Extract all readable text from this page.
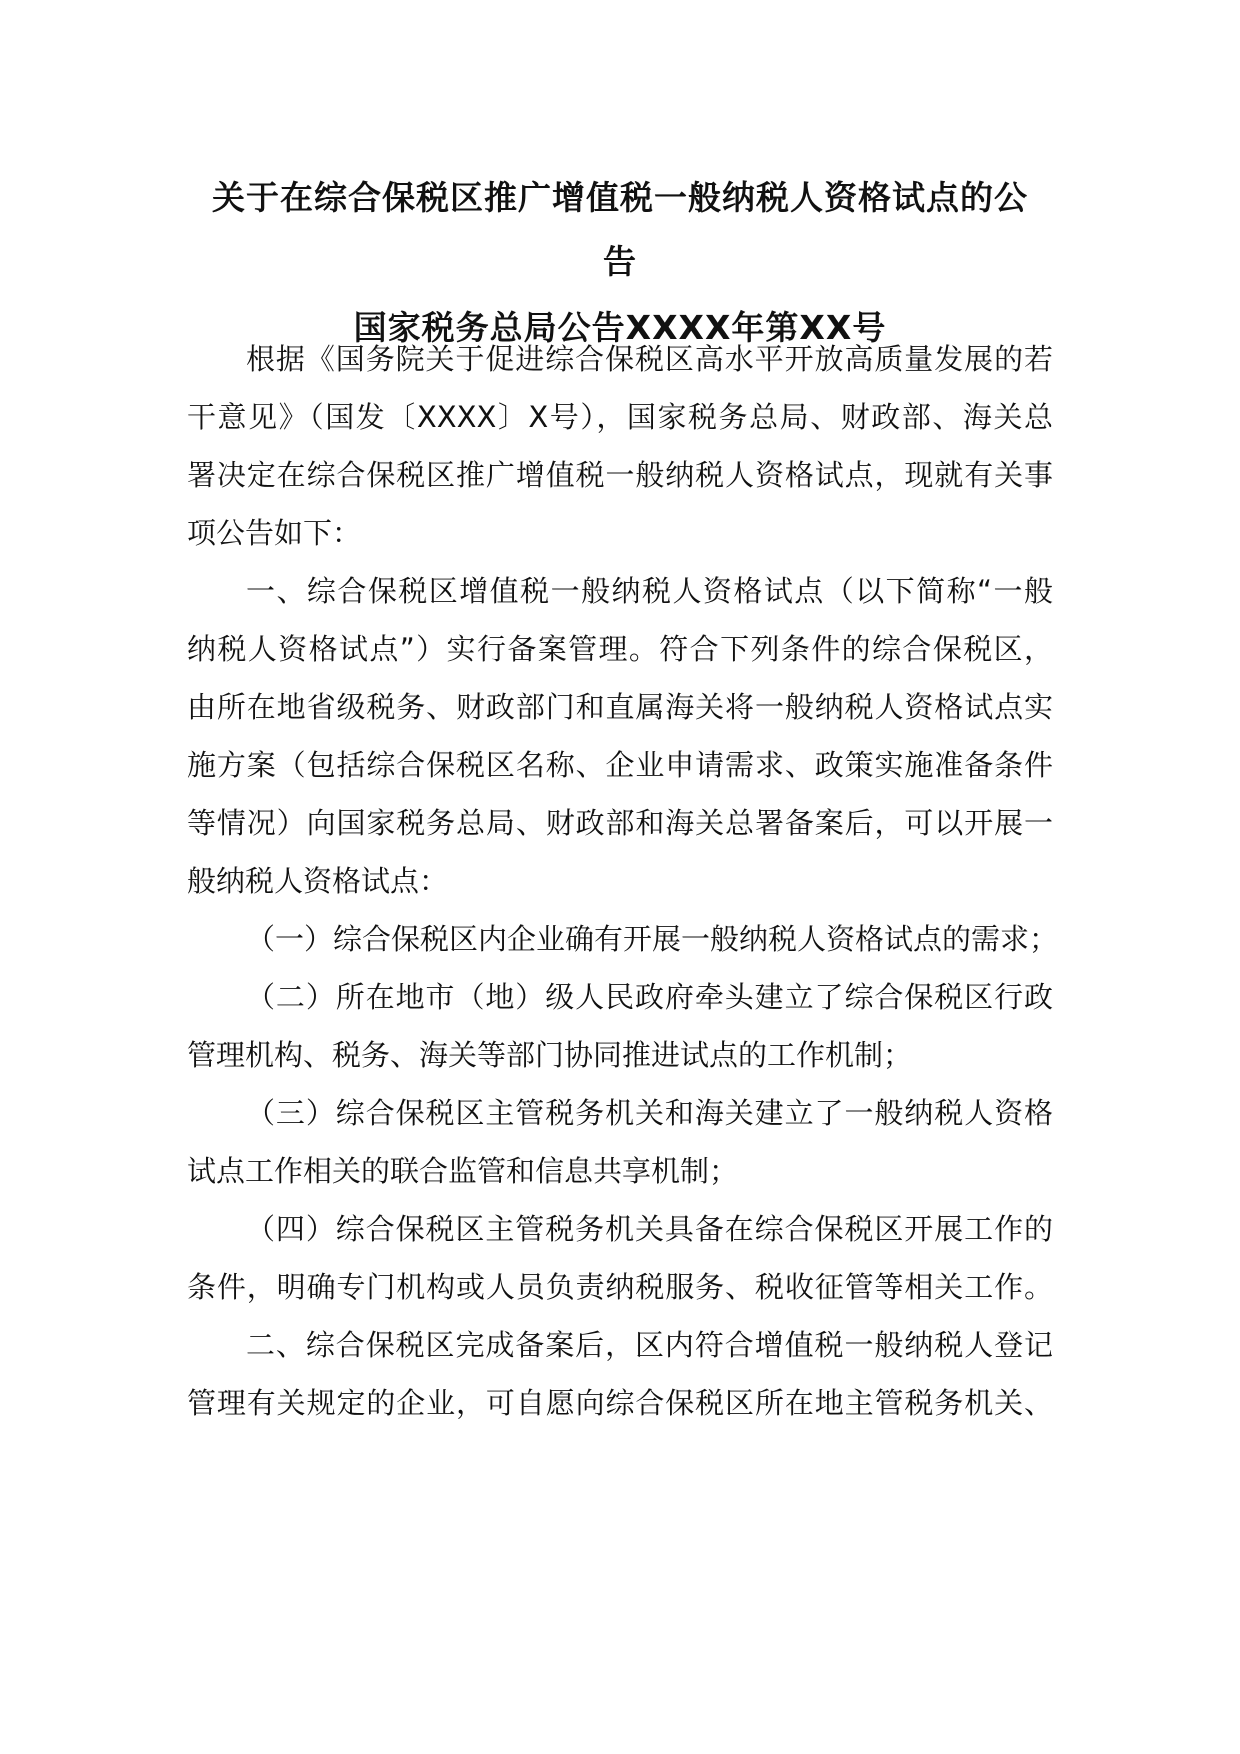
关于在综合保税区推广增值税一般纳税人资格试点的公
告
国家税务总局公告XXXX年第XX号
根据《国务院关于促进综合保税区高水平开放高质量发展的若
干意见》（国发〔XXXX〕X号），国家税务总局、财政部、海关总
署决定在综合保税区推广增值税一般纳税人资格试点，现就有关事
项公告如下：
一、综合保税区增值税一般纳税人资格试点（以下简称“一般
纳税人资格试点”）实行备案管理。符合下列条件的综合保税区，
由所在地省级税务、财政部门和直属海关将一般纳税人资格试点实
施方案（包括综合保税区名称、企业申请需求、政策实施准备条件
等情况）向国家税务总局、财政部和海关总署备案后，可以开展一
般纳税人资格试点：
（一）综合保税区内企业确有开展一般纳税人资格试点的需求；
（二）所在地市（地）级人民政府牵头建立了综合保税区行政
管理机构、税务、海关等部门协同推进试点的工作机制；
（三）综合保税区主管税务机关和海关建立了一般纳税人资格
试点工作相关的联合监管和信息共享机制；
（四）综合保税区主管税务机关具备在综合保税区开展工作的
条件，明确专门机构或人员负责纳税服务、税收征管等相关工作。
二、综合保税区完成备案后，区内符合增值税一般纳税人登记
管理有关规定的企业，可自愿向综合保税区所在地主管税务机关、
